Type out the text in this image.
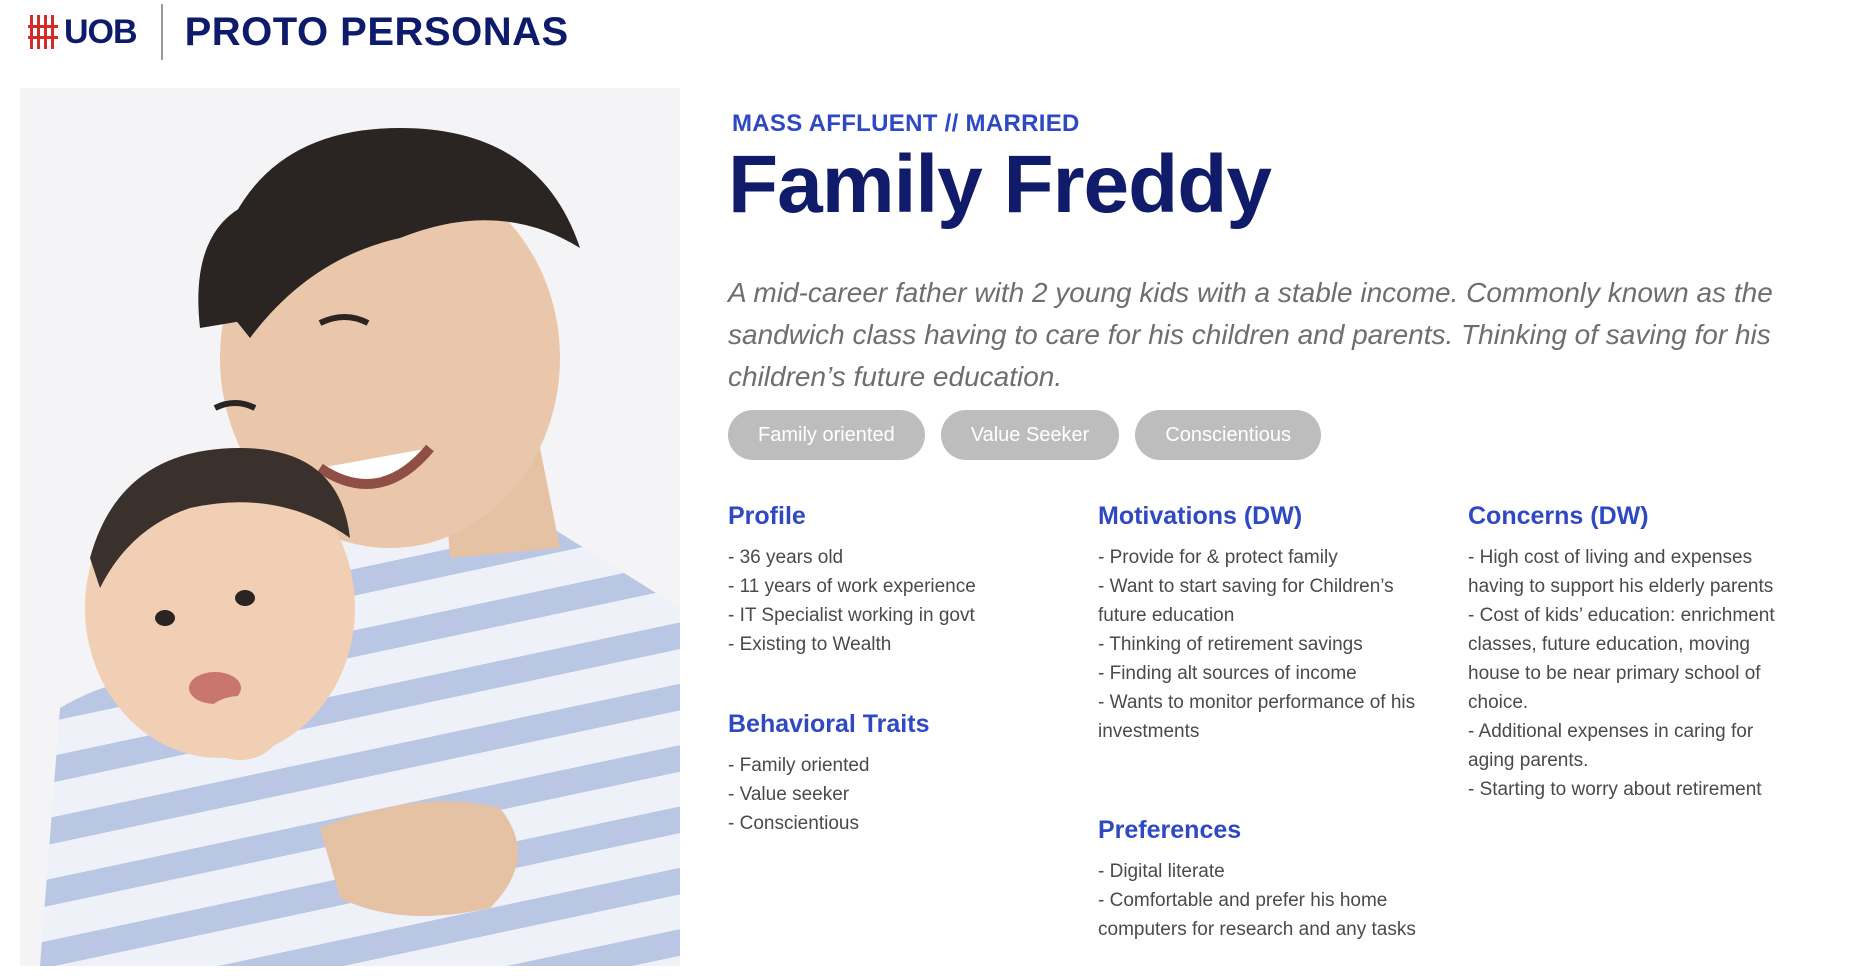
UOB PROTO PERSONAS
MASS AFFLUENT // MARRIED
Family Freddy
A mid-career father with 2 young kids with a stable income. Commonly known as the sandwich class having to care for his children and parents. Thinking of saving for his children’s future education.
Family oriented	Value Seeker	Conscientious
Profile
- 36 years old
- 11 years of work experience
- IT Specialist working in govt
- Existing to Wealth
Behavioral Traits
- Family oriented
- Value seeker
- Conscientious
Motivations (DW)
- Provide for & protect family
- Want to start saving for Children’s future education
- Thinking of retirement savings
- Finding alt sources of income
- Wants to monitor performance of his investments
Preferences
- Digital literate
- Comfortable and prefer his home computers for research and any tasks
Concerns (DW)
- High cost of living and expenses having to support his elderly parents
- Cost of kids’ education: enrichment classes, future education, moving house to be near primary school of choice.
- Additional expenses in caring for aging parents.
- Starting to worry about retirement
